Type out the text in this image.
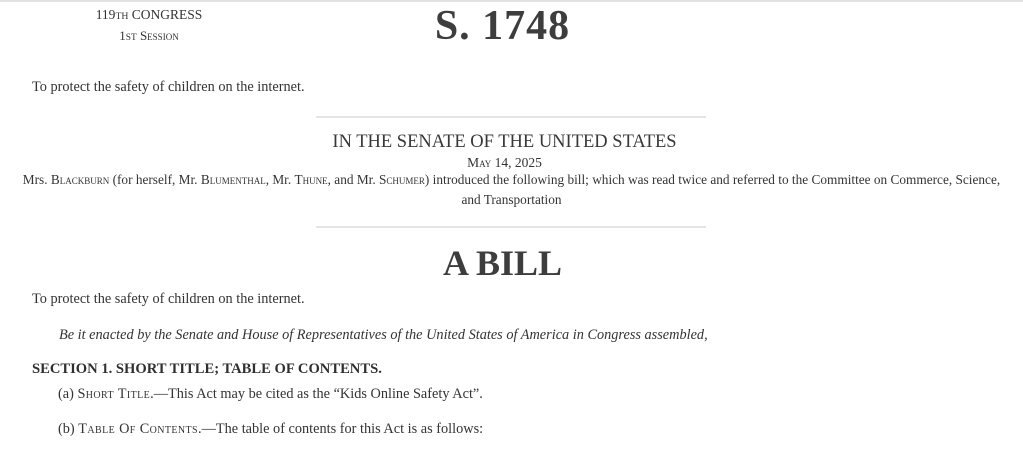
119TH CONGRESS
1ST Session	S. 1748
To protect the safety of children on the internet.
IN THE SENATE OF THE UNITED STATES
May 14, 2025

Mrs. Blackburn (for herself, Mr. Blumenthal, Mr. Thune, and Mr. Schumer) introduced the following bill; which was read twice and referred to the Committee on Commerce, Science, and Transportation

A BILL
To protect the safety of children on the internet.
Be it enacted by the Senate and House of Representatives of the United States of America in Congress assembled,
SECTION 1. SHORT TITLE; TABLE OF CONTENTS.
(a) Short Title.—This Act may be cited as the “Kids Online Safety Act”.
(b) Table Of Contents.—The table of contents for this Act is as follows:
